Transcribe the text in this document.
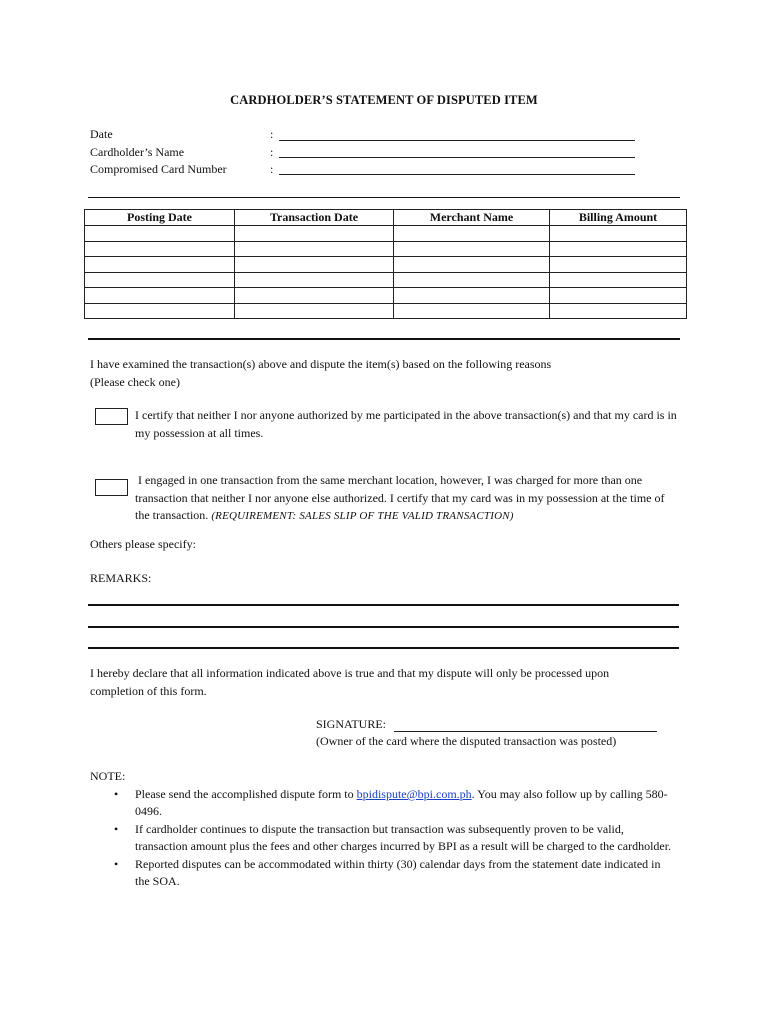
CARDHOLDER’S STATEMENT OF DISPUTED ITEM
Date	:
Cardholder’s Name	:
Compromised Card Number	:
Posting Date	Transaction Date	Merchant Name	Billing Amount

I have examined the transaction(s) above and dispute the item(s) based on the following reasons
(Please check one)
I certify that neither I nor anyone authorized by me participated in the above transaction(s) and that my card is in my possession at all times.
I engaged in one transaction from the same merchant location, however, I was charged for more than one transaction that neither I nor anyone else authorized. I certify that my card was in my possession at the time of the transaction. (REQUIREMENT: SALES SLIP OF THE VALID TRANSACTION)
Others please specify:
REMARKS:
I hereby declare that all information indicated above is true and that my dispute will only be processed upon completion of this form.
SIGNATURE:
(Owner of the card where the disputed transaction was posted)
NOTE:
• Please send the accomplished dispute form to bpidispute@bpi.com.ph. You may also follow up by calling 580-0496.
• If cardholder continues to dispute the transaction but transaction was subsequently proven to be valid, transaction amount plus the fees and other charges incurred by BPI as a result will be charged to the cardholder.
• Reported disputes can be accommodated within thirty (30) calendar days from the statement date indicated in the SOA.
